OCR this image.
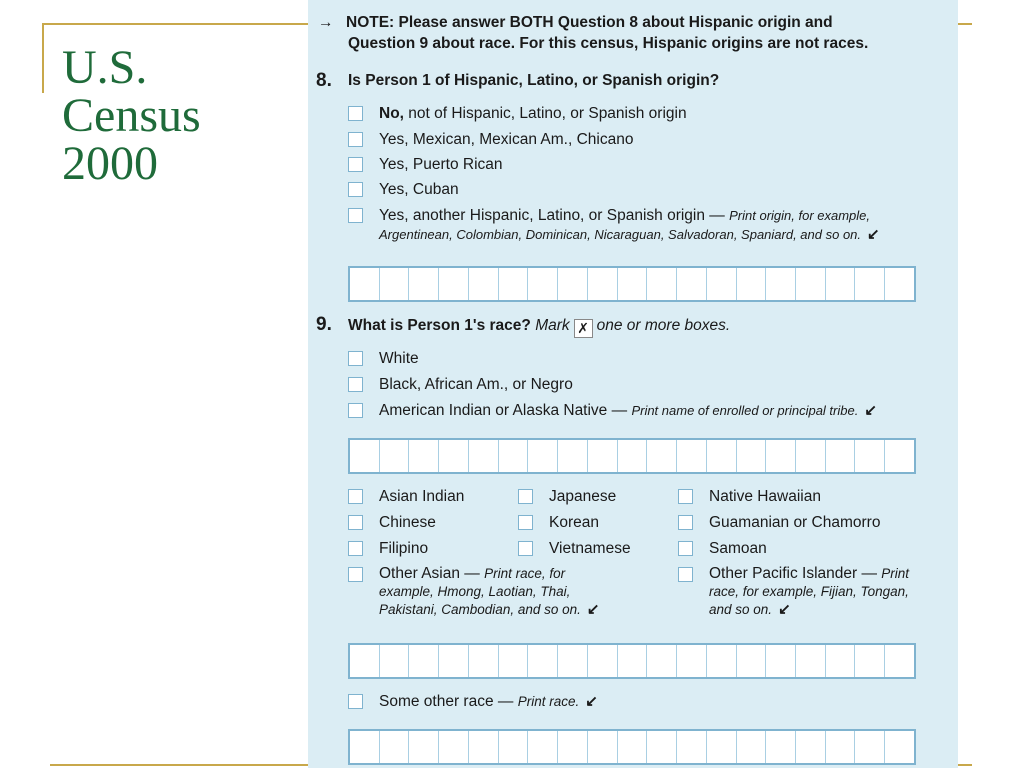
U.S.
Census
2000
→ NOTE: Please answer BOTH Question 8 about Hispanic origin and
Question 9 about race. For this census, Hispanic origins are not races.
8. Is Person 1 of Hispanic, Latino, or Spanish origin?
No, not of Hispanic, Latino, or Spanish origin
Yes, Mexican, Mexican Am., Chicano
Yes, Puerto Rican
Yes, Cuban
Yes, another Hispanic, Latino, or Spanish origin — Print origin, for example,
Argentinean, Colombian, Dominican, Nicaraguan, Salvadoran, Spaniard, and so on. ↙
9. What is Person 1's race? Mark ✗ one or more boxes.
White
Black, African Am., or Negro
American Indian or Alaska Native — Print name of enrolled or principal tribe. ↙
Asian Indian
Chinese
Filipino
Japanese
Korean
Vietnamese
Native Hawaiian
Guamanian or Chamorro
Samoan
Other Asian — Print race, for
example, Hmong, Laotian, Thai,
Pakistani, Cambodian, and so on. ↙
Other Pacific Islander — Print
race, for example, Fijian, Tongan,
and so on. ↙
Some other race — Print race. ↙
